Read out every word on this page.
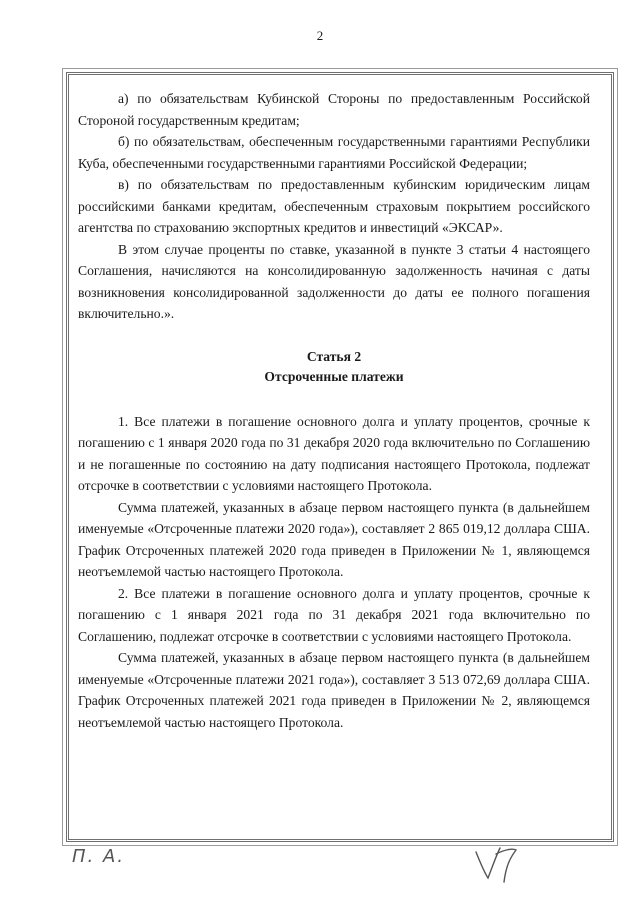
2

а) по обязательствам Кубинской Стороны по предоставленным Российской Стороной государственным кредитам;

б) по обязательствам, обеспеченным государственными гарантиями Республики Куба, обеспеченными государственными гарантиями Российской Федерации;

в) по обязательствам по предоставленным кубинским юридическим лицам российскими банками кредитам, обеспеченным страховым покрытием российского агентства по страхованию экспортных кредитов и инвестиций «ЭКСАР».

В этом случае проценты по ставке, указанной в пункте 3 статьи 4 настоящего Соглашения, начисляются на консолидированную задолженность начиная с даты возникновения консолидированной задолженности до даты ее полного погашения включительно.».

Статья 2
Отсроченные платежи

1. Все платежи в погашение основного долга и уплату процентов, срочные к погашению с 1 января 2020 года по 31 декабря 2020 года включительно по Соглашению и не погашенные по состоянию на дату подписания настоящего Протокола, подлежат отсрочке в соответствии с условиями настоящего Протокола.

Сумма платежей, указанных в абзаце первом настоящего пункта (в дальнейшем именуемые «Отсроченные платежи 2020 года»), составляет 2 865 019,12 доллара США. График Отсроченных платежей 2020 года приведен в Приложении № 1, являющемся неотъемлемой частью настоящего Протокола.

2. Все платежи в погашение основного долга и уплату процентов, срочные к погашению с 1 января 2021 года по 31 декабря 2021 года включительно по Соглашению, подлежат отсрочке в соответствии с условиями настоящего Протокола.

Сумма платежей, указанных в абзаце первом настоящего пункта (в дальнейшем именуемые «Отсроченные платежи 2021 года»), составляет 3 513 072,69 доллара США. График Отсроченных платежей 2021 года приведен в Приложении № 2, являющемся неотъемлемой частью настоящего Протокола.

П. А.
